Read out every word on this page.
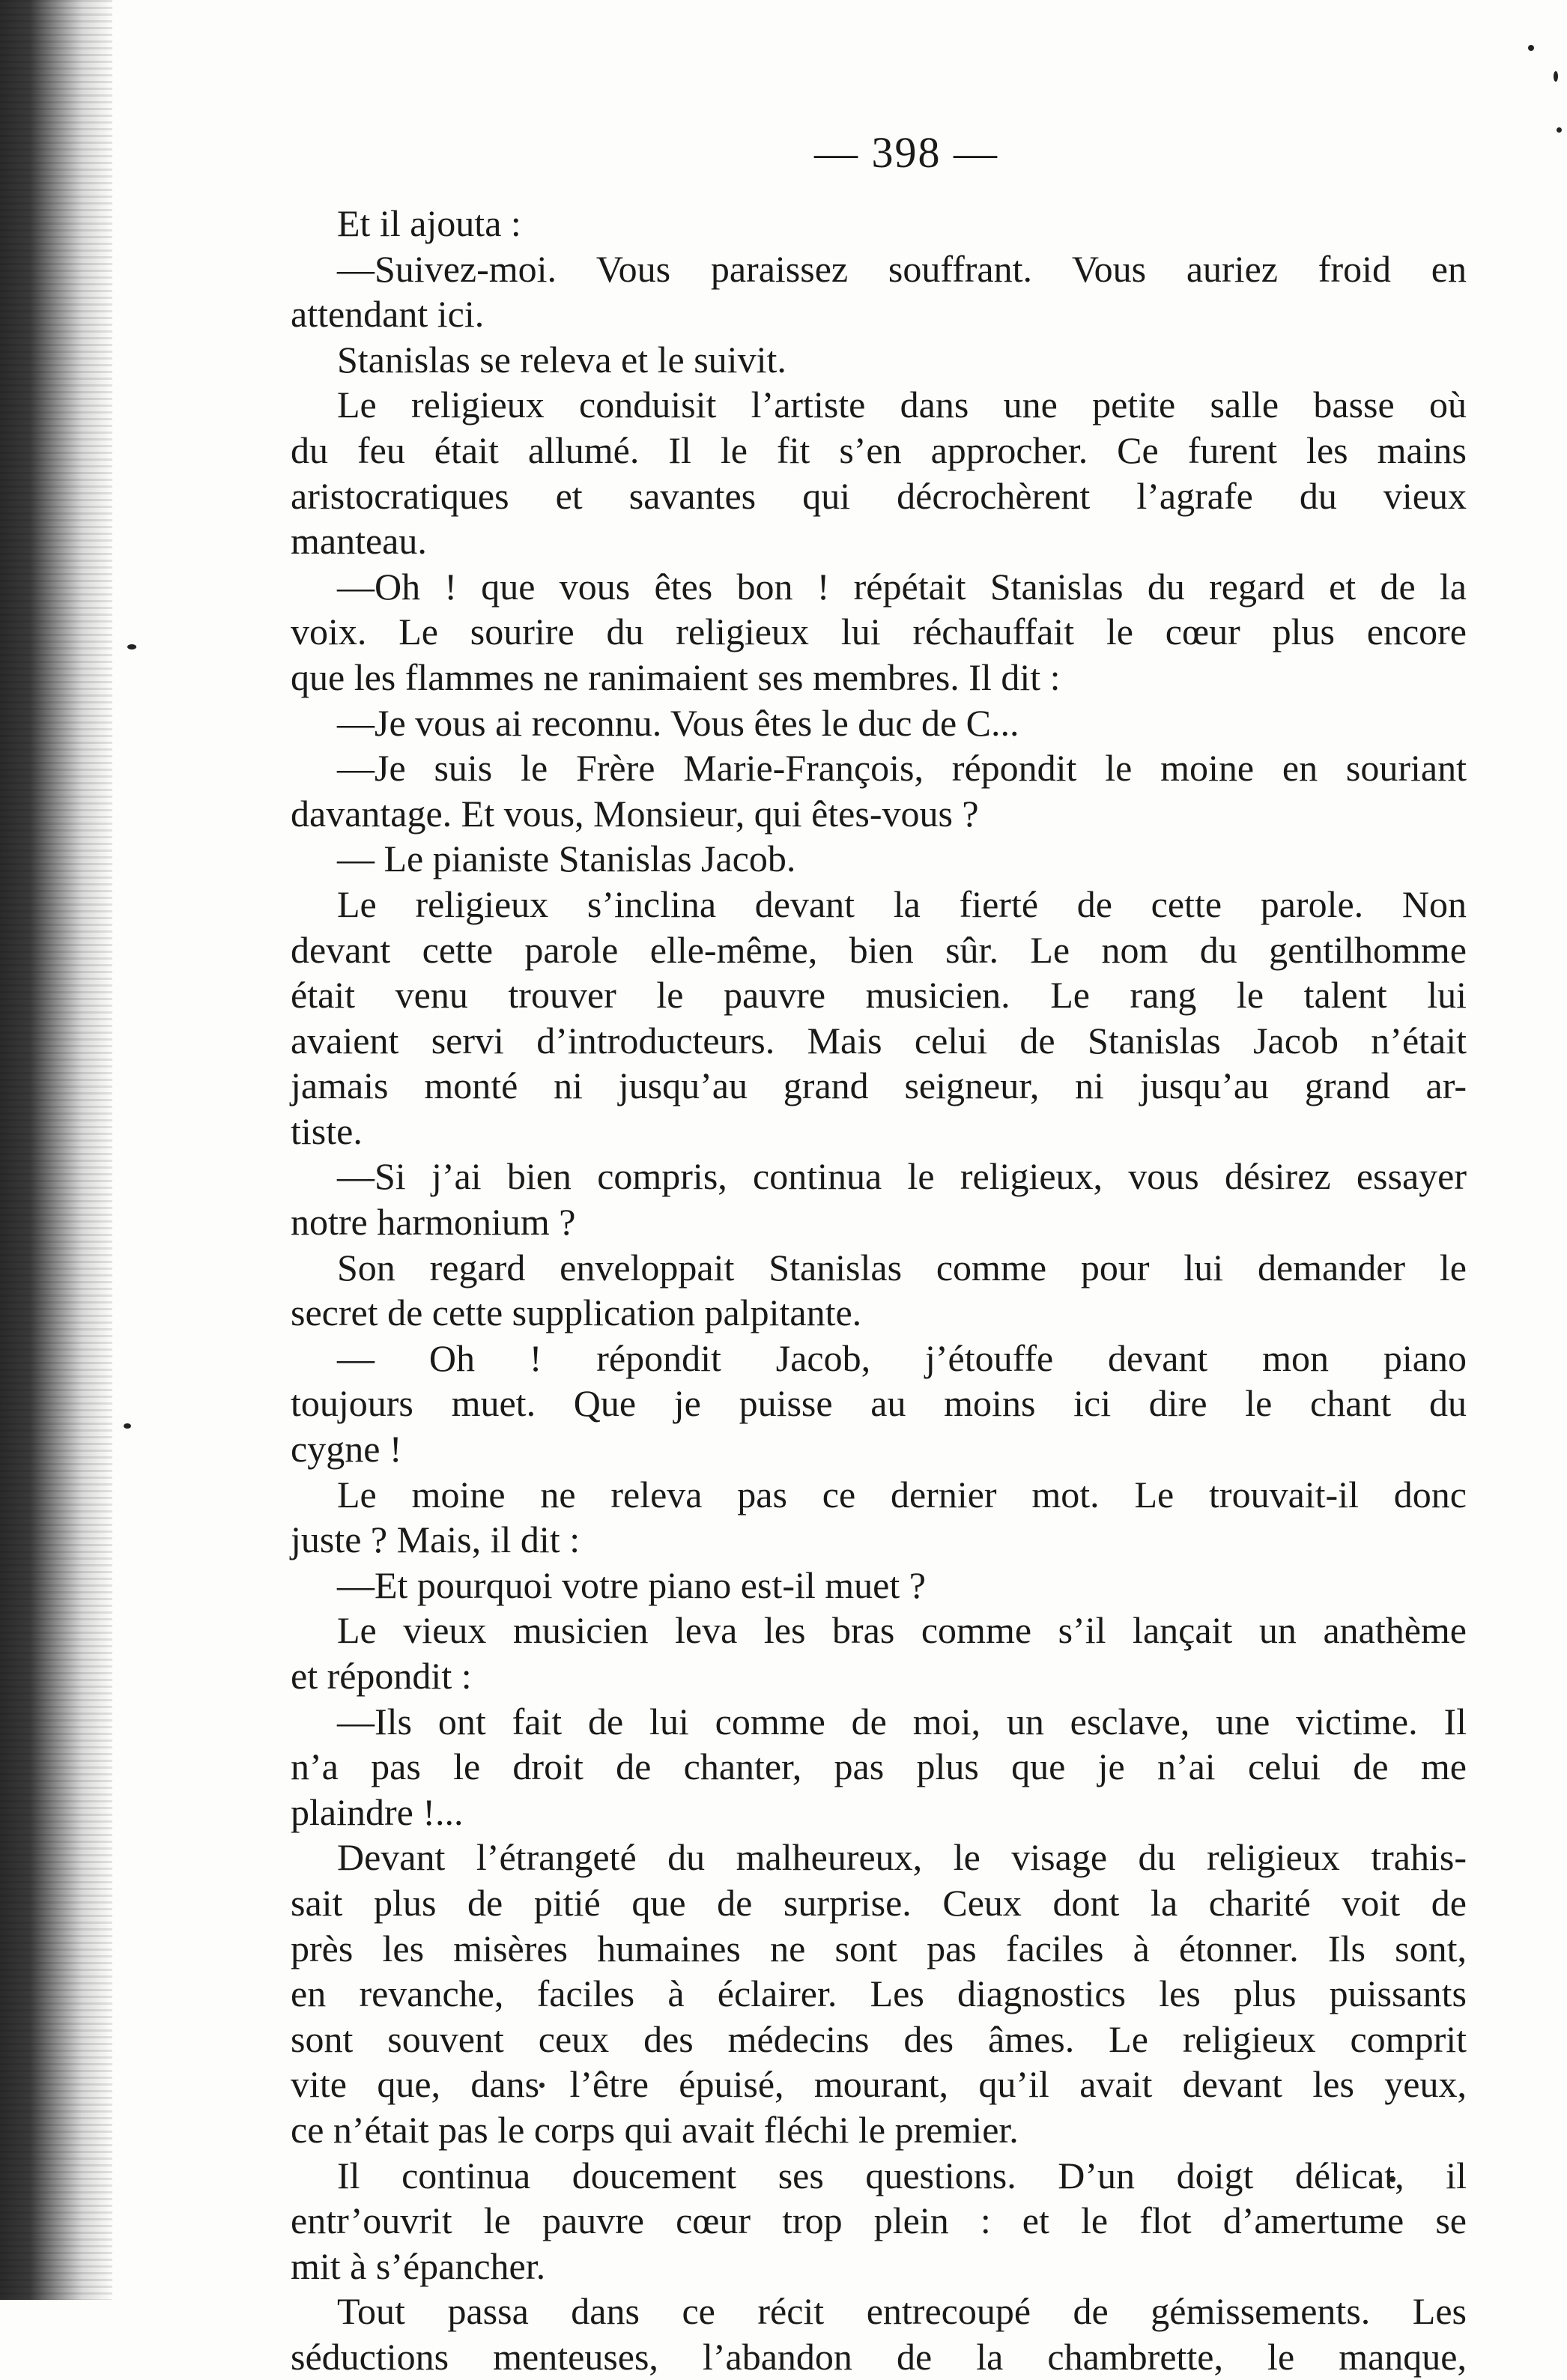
— 398 —
Et il ajouta :
—Suivez-moi. Vous paraissez souffrant. Vous auriez froid en
attendant ici.
Stanislas se releva et le suivit.
Le religieux conduisit l’artiste dans une petite salle basse où
du feu était allumé. Il le fit s’en approcher. Ce furent les mains
aristocratiques et savantes qui décrochèrent l’agrafe du vieux
manteau.
—Oh ! que vous êtes bon ! répétait Stanislas du regard et de la
voix. Le sourire du religieux lui réchauffait le cœur plus encore
que les flammes ne ranimaient ses membres. Il dit :
—Je vous ai reconnu. Vous êtes le duc de C...
—Je suis le Frère Marie-François, répondit le moine en souriant
davantage. Et vous, Monsieur, qui êtes-vous ?
— Le pianiste Stanislas Jacob.
Le religieux s’inclina devant la fierté de cette parole. Non
devant cette parole elle-même, bien sûr. Le nom du gentilhomme
était venu trouver le pauvre musicien. Le rang le talent lui
avaient servi d’introducteurs. Mais celui de Stanislas Jacob n’était
jamais monté ni jusqu’au grand seigneur, ni jusqu’au grand ar-
tiste.
—Si j’ai bien compris, continua le religieux, vous désirez essayer
notre harmonium ?
Son regard enveloppait Stanislas comme pour lui demander le
secret de cette supplication palpitante.
— Oh ! répondit Jacob, j’étouffe devant mon piano
toujours muet. Que je puisse au moins ici dire le chant du
cygne !
Le moine ne releva pas ce dernier mot. Le trouvait-il donc
juste ? Mais, il dit :
—Et pourquoi votre piano est-il muet ?
Le vieux musicien leva les bras comme s’il lançait un anathème
et répondit :
—Ils ont fait de lui comme de moi, un esclave, une victime. Il
n’a pas le droit de chanter, pas plus que je n’ai celui de me
plaindre !...
Devant l’étrangeté du malheureux, le visage du religieux trahis-
sait plus de pitié que de surprise. Ceux dont la charité voit de
près les misères humaines ne sont pas faciles à étonner. Ils sont,
en revanche, faciles à éclairer. Les diagnostics les plus puissants
sont souvent ceux des médecins des âmes. Le religieux comprit
vite que, dans l’être épuisé, mourant, qu’il avait devant les yeux,
ce n’était pas le corps qui avait fléchi le premier.
Il continua doucement ses questions. D’un doigt délicat, il
entr’ouvrit le pauvre cœur trop plein : et le flot d’amertume se
mit à s’épancher.
Tout passa dans ce récit entrecoupé de gémissements. Les
séductions menteuses, l’abandon de la chambrette, le manque,
